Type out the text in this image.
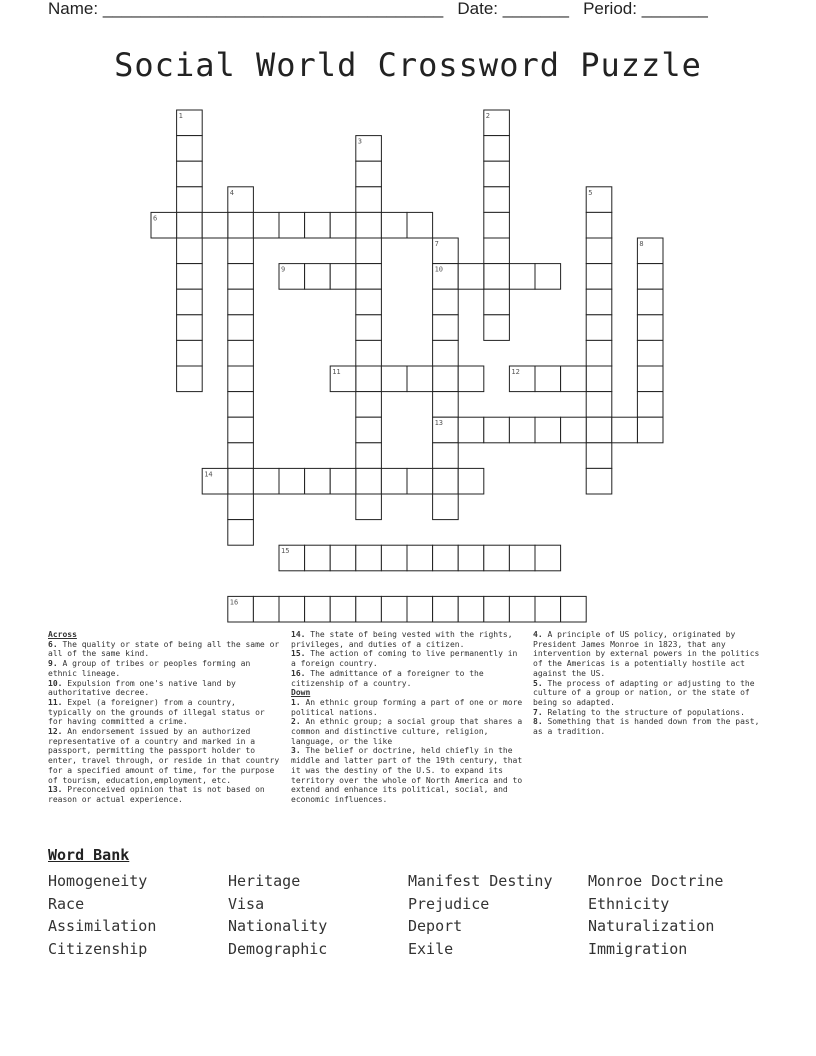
Name: ____________________________________ Date: _______ Period: _______
Social World Crossword Puzzle
1	2
3
4	5
6
7	8
9	10
11	12
13
14
15
16
Across
6. The quality or state of being all the same or all of the same kind.
9. A group of tribes or peoples forming an ethnic lineage.
10. Expulsion from one's native land by authoritative decree.
11. Expel (a foreigner) from a country, typically on the grounds of illegal status or for having committed a crime.
12. An endorsement issued by an authorized representative of a country and marked in a passport, permitting the passport holder to enter, travel through, or reside in that country for a specified amount of time, for the purpose of tourism, education,employment, etc.
13. Preconceived opinion that is not based on reason or actual experience.
14. The state of being vested with the rights, privileges, and duties of a citizen.
15. The action of coming to live permanently in a foreign country.
16. The admittance of a foreigner to the citizenship of a country.
Down
1. An ethnic group forming a part of one or more political nations.
2. An ethnic group; a social group that shares a common and distinctive culture, religion, language, or the like
3. The belief or doctrine, held chiefly in the middle and latter part of the 19th century, that it was the destiny of the U.S. to expand its territory over the whole of North America and to extend and enhance its political, social, and economic influences.
4. A principle of US policy, originated by President James Monroe in 1823, that any intervention by external powers in the politics of the Americas is a potentially hostile act against the US.
5. The process of adapting or adjusting to the culture of a group or nation, or the state of being so adapted.
7. Relating to the structure of populations.
8. Something that is handed down from the past, as a tradition.
Word Bank
Homogeneity	Heritage	Manifest Destiny	Monroe Doctrine
Race	Visa	Prejudice	Ethnicity
Assimilation	Nationality	Deport	Naturalization
Citizenship	Demographic	Exile	Immigration
